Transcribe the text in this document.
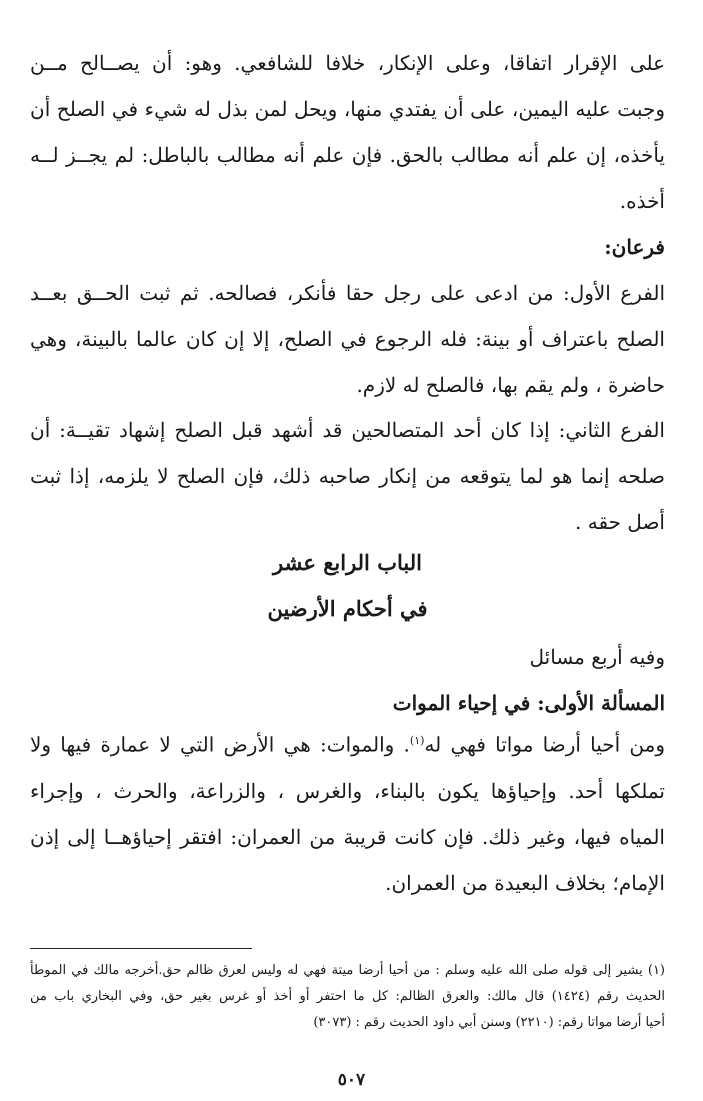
على الإقرار اتفاقا، وعلى الإنكار، خلافا للشافعي. وهو: أن يصــالح مــن
وجبت عليه اليمين، على أن يفتدي منها، ويحل لمن بذل له شيء في الصلح أن
يأخذه، إن علم أنه مطالب بالحق. فإن علم أنه مطالب بالباطل: لم يجــز لــه
أخذه.
فرعان:
الفرع الأول: من ادعى على رجل حقا فأنكر، فصالحه. ثم ثبت الحــق بعــد
الصلح باعتراف أو بينة: فله الرجوع في الصلح، إلا إن كان عالما بالبينة، وهي
حاضرة ، ولم يقم بها، فالصلح له لازم.
الفرع الثاني: إذا كان أحد المتصالحين قد أشهد قبل الصلح إشهاد تقيــة: أن
صلحه إنما هو لما يتوقعه من إنكار صاحبه ذلك، فإن الصلح لا يلزمه، إذا ثبت
أصل حقه .
الباب الرابع عشر
في أحكام الأرضين
وفيه أربع مسائل
المسألة الأولى: في إحياء الموات
ومن أحيا أرضا مواتا فهي له$^{(١)}$. والموات: هي الأرض التي لا عمارة فيها ولا
تملكها أحد. وإحياؤها يكون بالبناء، والغرس ، والزراعة، والحرث ، وإجراء
المياه فيها، وغير ذلك. فإن كانت قريبة من العمران: افتقر إحياؤهــا إلى إذن
الإمام؛ بخلاف البعيدة من العمران.
(١) يشير إلى قوله صلى الله عليه وسلم : من أحيا أرضا ميتة فهي له وليس لعرق ظالم حق.أخرجه مالك في الموطأ
الحديث رقم (١٤٢٤) قال مالك: والعرق الظالم: كل ما احتفر أو أخذ أو غرس بغير حق، وفي البخاري باب من
أحيا أرضا مواتا رقم: (٢٢١٠) وسنن أبي داود الحديث رقم : (٣٠٧٣)
٥٠٧
